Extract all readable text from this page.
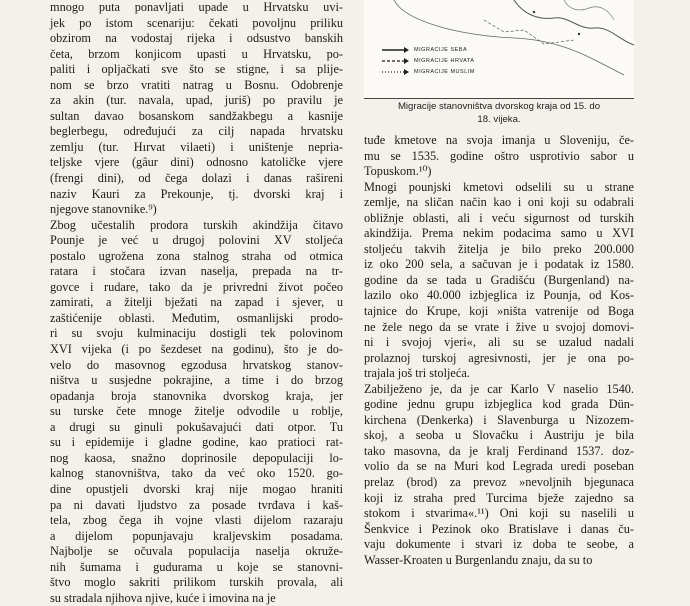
mnogo puta ponavljati upade u Hrvatsku uvi-
jek po istom scenariju: čekati povoljnu priliku
obzirom na vodostaj rijeka i odsustvo banskih
četa, brzom konjicom upasti u Hrvatsku, po-
paliti i opljačkati sve što se stigne, i sa plije-
nom se brzo vratiti natrag u Bosnu. Odobrenje
za akin (tur. navala, upad, juriš) po pravilu je
sultan davao bosanskom sandžakbegu a kasnije
beglerbegu, određujući za cilj napada hrvatsku
zemlju (tur. Hırvat vilaeti) i uništenje nepria-
teljske vjere (gâur dini) odnosno katoličke vjere
(frengi dini), od čega dolazi i danas rašireni
naziv Kauri za Prekounje, tj. dvorski kraj i
njegove stanovnike.⁹)

Zbog učestalih prodora turskih akindžija čitavo
Pounje je već u drugoj polovini XV stoljeća
postalo ugrožena zona stalnog straha od otmica
ratara i stočara izvan naselja, prepada na tr-
govce i rudare, tako da je privredni život počeo
zamirati, a žitelji bježati na zapad i sjever, u
zaštićenije oblasti. Međutim, osmanlijski prodo-
ri su svoju kulminaciju dostigli tek polovinom
XVI vijeka (i po šezdeset na godinu), što je do-
velo do masovnog egzodusa hrvatskog stanov-
ništva u susjedne pokrajine, a time i do brzog
opadanja broja stanovnika dvorskog kraja, jer
su turske čete mnoge žitelje odvodile u roblje,
a drugi su ginuli pokušavajući dati otpor. Tu
su i epidemije i gladne godine, kao pratioci rat-
nog kaosa, snažno doprinosile depopulaciji lo-
kalnog stanovništva, tako da već oko 1520. go-
dine opustjeli dvorski kraj nije mogao hraniti
pa ni davati ljudstvo za posade tvrđava i kaš-
tela, zbog čega ih vojne vlasti dijelom razaraju
a dijelom popunjavaju kraljevskim posadama.
Najbolje se očuvala populacija naselja okruže-
nih šumama i gudurama u koje se stanovni-
štvo moglo sakriti prilikom turskih provala, ali
su stradala njihova njive, kuće i imovina na je

MIGRACIJE SEBA
MIGRACIJE HRVATA
MIGRACIJE MUSLIM
Migracije stanovništva dvorskog kraja od 15. do
18. vijeka.

tuđe kmetove na svoja imanja u Sloveniju, če-
mu se 1535. godine oštro usprotivio sabor u
Topuskom.¹⁰)

Mnogi pounjski kmetovi odselili su u strane
zemlje, na sličan način kao i oni koji su odabrali
obližnje oblasti, ali i veću sigurnost od turskih
akindžija. Prema nekim podacima samo u XVI
stoljeću takvih žitelja je bilo preko 200.000
iz oko 200 sela, a sačuvan je i podatak iz 1580.
godine da se tada u Gradišću (Burgenland) na-
lazilo oko 40.000 izbjeglica iz Pounja, od Kos-
tajnice do Krupe, koji »ništa vatrenije od Boga
ne žele nego da se vrate i žive u svojoj domovi-
ni i svojoj vjeri«, ali su se uzalud nadali
prolaznoj turskoj agresivnosti, jer je ona po-
trajala još tri stoljeća.

Zabilježeno je, da je car Karlo V naselio 1540.
godine jednu grupu izbjeglica kod grada Dün-
kirchena (Denkerka) i Slavenburga u Nizozem-
skoj, a seoba u Slovačku i Austriju je bila
tako masovna, da je kralj Ferdinand 1537. doz-
volio da se na Muri kod Legrada uredi poseban
prelaz (brod) za prevoz »nevoljnih bjegunaca
koji iz straha pred Turcima bježe zajedno sa
stokom i stvarima«.¹¹) Oni koji su naselili u
Šenkvice i Pezinok oko Bratislave i danas ču-
vaju dokumente i stvari iz doba te seobe, a
Wasser-Kroaten u Burgenlandu znaju, da su to
